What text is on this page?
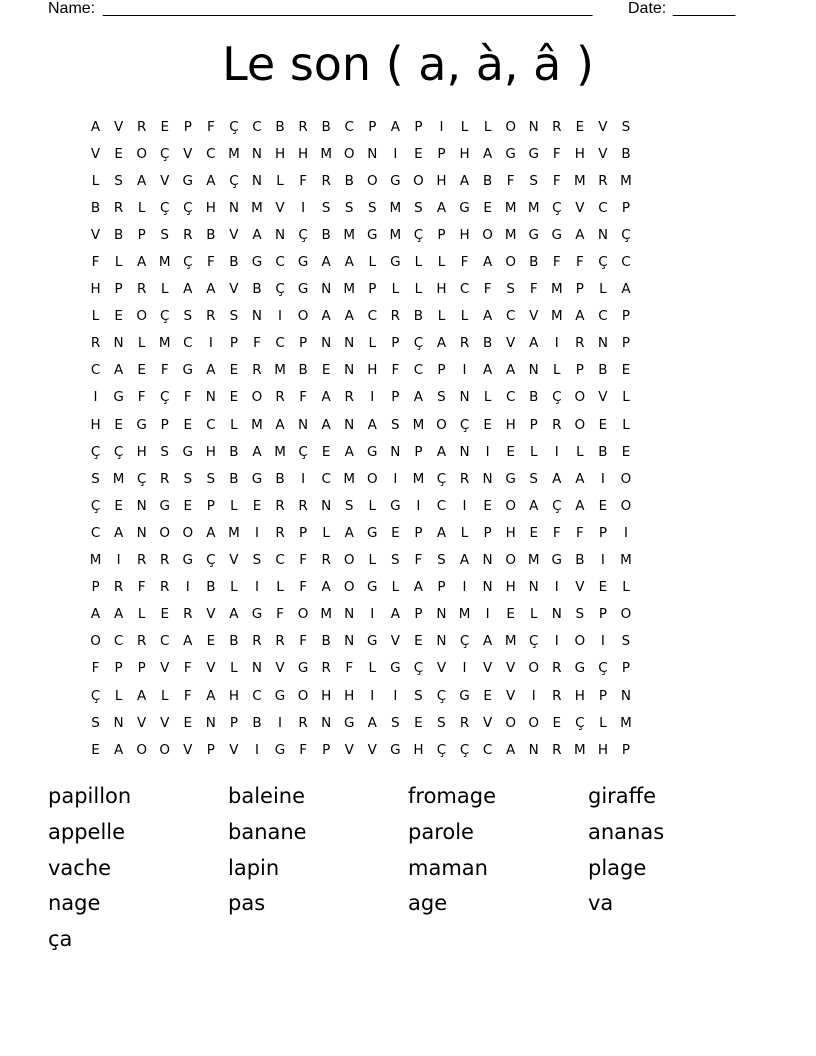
Name: _______________________________________________________ Date: _______
Le son ( a, à, â )
A	V	R	E	P	F	Ç	C	B	R	B	C	P	A	P	I	L	L	O N R	E	V	S
V	E O Ç	V	C M N H H M O N	I	E	P	H A G G	F	H V	B
L	S	A	V G A	Ç N	L	F	R	B O G O H A	B	F	S	F M R M
B	R	L	Ç	Ç H N M V	I	S	S	S M S	A G	E M M Ç	V	C	P
V	B	P	S	R	B	V	A N Ç	B M G M Ç	P	H O M G G A N Ç
F	L	A M Ç	F	B G C G A	A	L	G	L	L	F	A O B	F	F	Ç	C
H	P	R	L	A	A	V	B	Ç G N M P	L	L	H C	F	S	F M P	L	A
L	E O Ç	S	R	S	N	I	O A	A	C	R	B	L	L	A	C	V M A	C	P
R N	L M C	I	P	F	C	P	N N	L	P	Ç	A	R	B	V	A	I	R N	P
C	A	E	F	G A	E	R M B	E	N H	F	C	P	I	A	A N	L	P	B	E
I	G	F	Ç	F	N	E O R	F	A	R	I	P	A	S	N	L	C	B	Ç O V	L
H	E	G	P	E	C	L M A N A N A	S M O Ç	E	H	P	R O E	L
Ç	Ç H	S	G H B	A M Ç	E	A G N	P	A N	I	E	L	I	L	B	E
S M Ç	R	S	S	B G B	I	C M O	I	M Ç	R N G	S	A	A	I	O
Ç	E	N G	E	P	L	E	R	R N	S	L	G	I	C	I	E O A	Ç	A	E O
C	A N O O A M	I	R	P	L	A G	E	P	A	L	P	H	E	F	F	P	I
M	I	R	R G Ç	V	S	C	F	R O	L	S	F	S	A N O M G B	I	M
P	R	F	R	I	B	L	I	L	F	A O G	L	A	P	I	N H N	I	V	E	L
A	A	L	E	R	V	A G	F	O M N	I	A	P	N M	I	E	L	N	S	P	O
O C	R	C	A	E	B	R	R	F	B N G V	E	N Ç	A M Ç	I	O	I	S
F	P	P	V	F	V	L	N V G R	F	L	G Ç	V	I	V	V O R G Ç	P
Ç	L	A	L	F	A H C G O H H	I	I	S	Ç G	E	V	I	R H	P	N
S	N V	V	E	N	P	B	I	R N G A	S	E	S	R	V O O E	Ç	L M
E	A O O V	P	V	I	G	F	P	V	V G H Ç	Ç	C	A N R M H	P
papillon	baleine	fromage	giraffe
appelle	banane	parole	ananas
vache	lapin	maman	plage
nage	pas	age	va
ça
